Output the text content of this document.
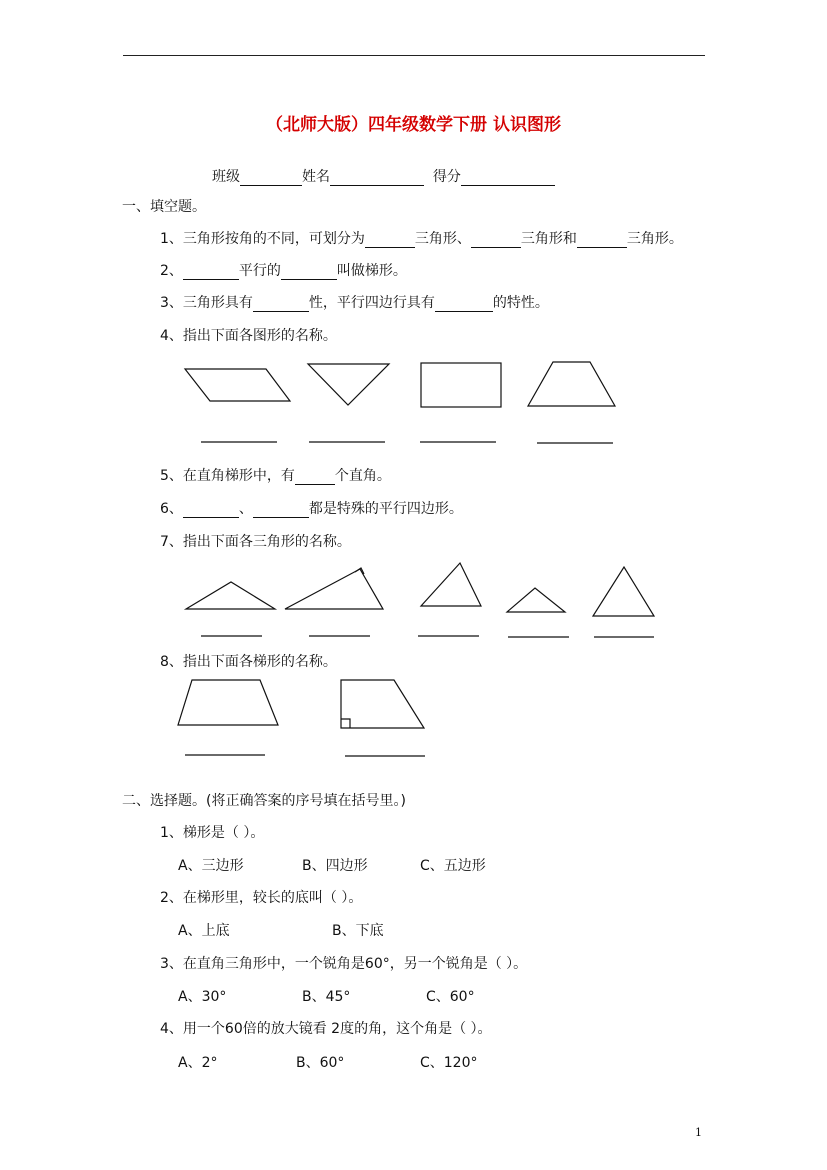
（北师大版）四年级数学下册 认识图形
班级	姓名	得分
一、填空题。
1、三角形按角的不同，可划分为	三角形、	三角形和	三角形。
2、	平行的	叫做梯形。
3、三角形具有	性，平行四边行具有	的特性。
4、指出下面各图形的名称。
5、在直角梯形中，有	个直角。
6、	、	都是特殊的平行四边形。
7、指出下面各三角形的名称。
8、指出下面各梯形的名称。
二、选择题。(将正确答案的序号填在括号里。)
1、梯形是（ ）。
A、三边形	B、四边形	C、五边形
2、在梯形里，较长的底叫（ ）。
A、上底	B、下底
3、在直角三角形中，一个锐角是60°，另一个锐角是（ ）。
A、30°	B、45°	C、60°
4、用一个60倍的放大镜看 2度的角，这个角是（ ）。
A、2°	B、60°	C、120°
1
